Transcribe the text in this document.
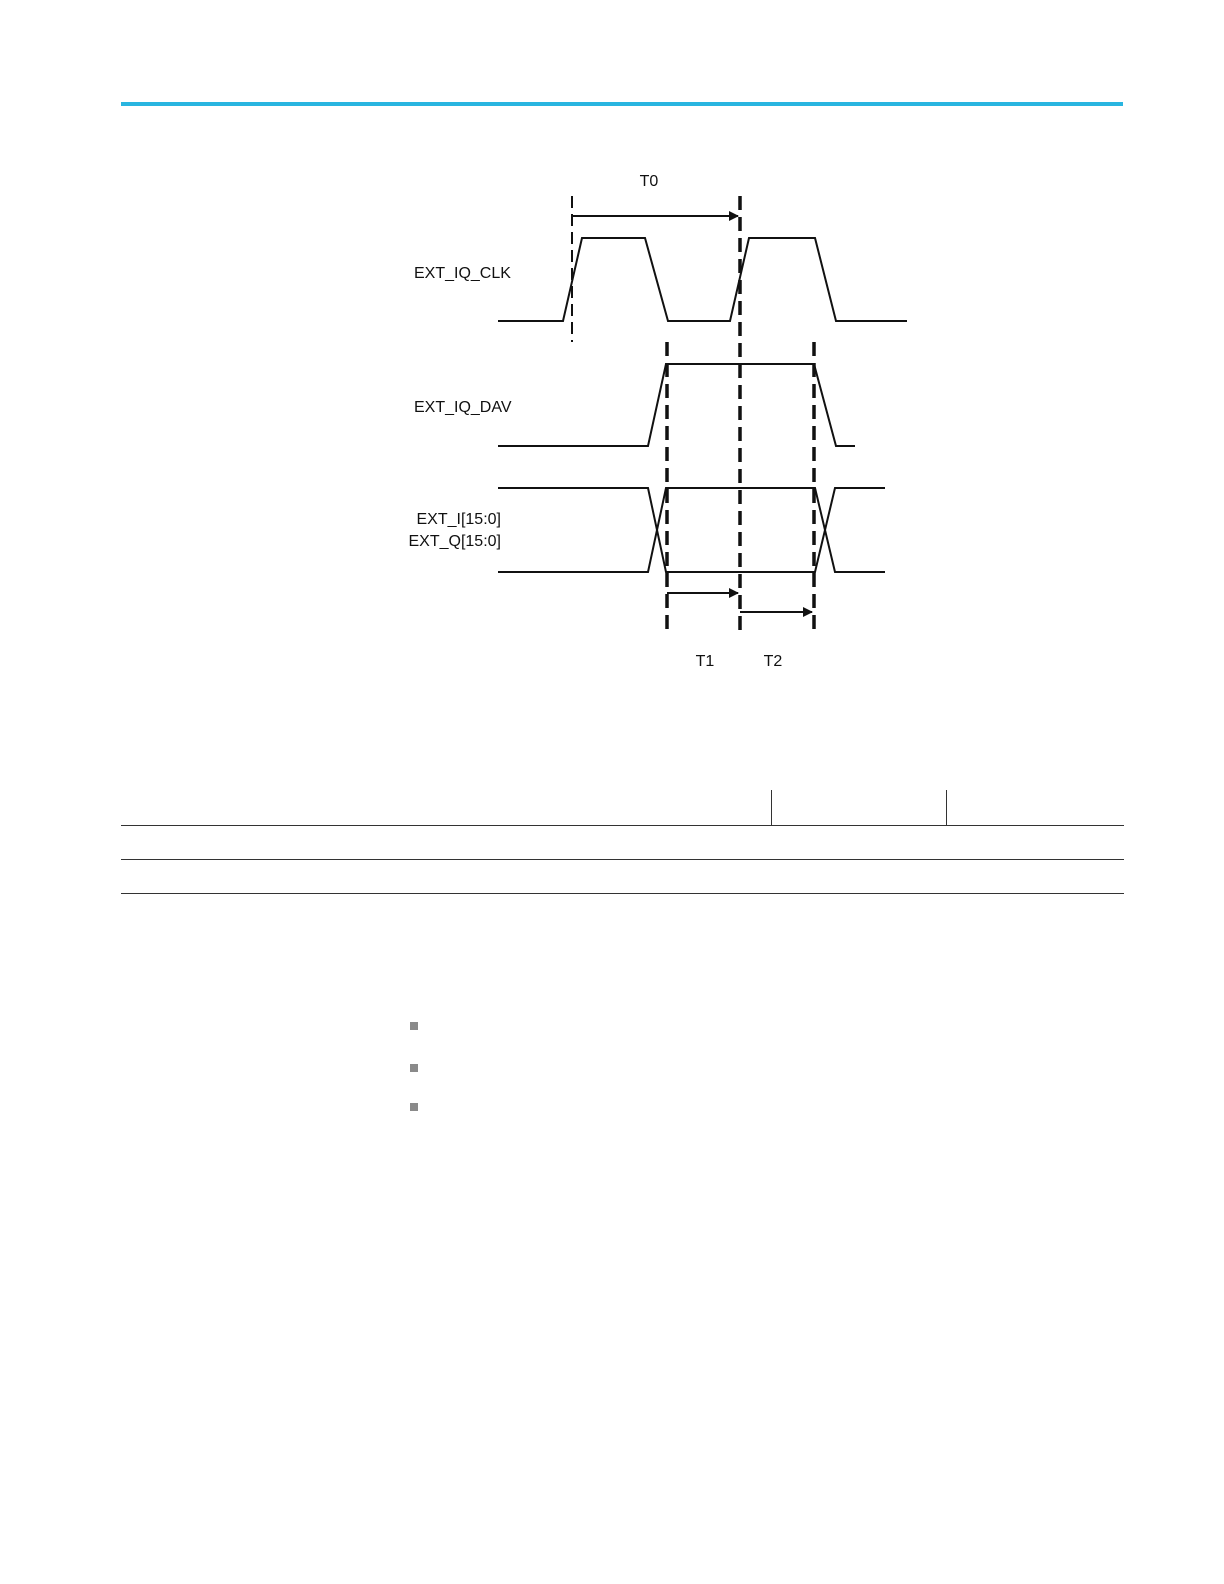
EXT_IQ_CLK
EXT_IQ_DAV
EXT_I[15:0]
EXT_Q[15:0]
T0
T1	T2
